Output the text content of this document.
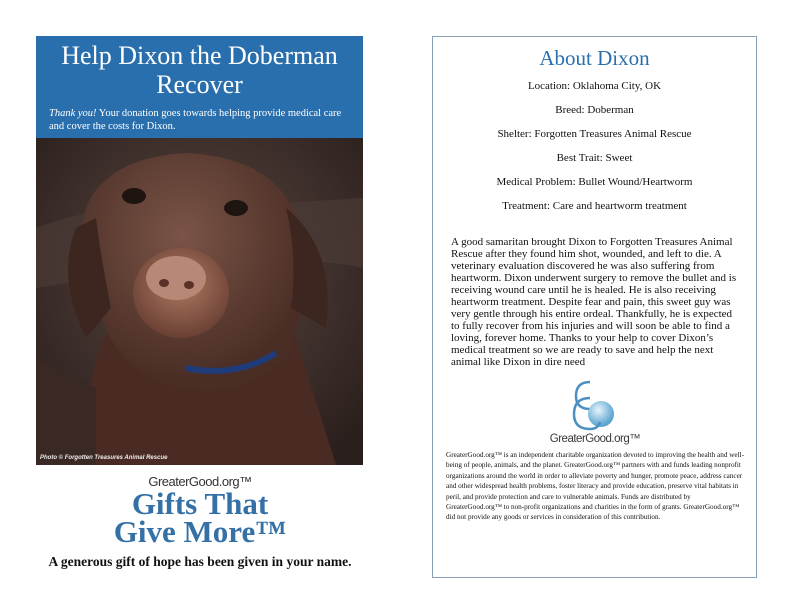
Help Dixon the Doberman Recover
Thank you! Your donation goes towards helping provide medical care and cover the costs for Dixon.
Photo © Forgotten Treasures Animal Rescue
GreaterGood.org™
Gifts That
Give More™
A generous gift of hope has been given in your name.
About Dixon
Location: Oklahoma City, OK
Breed: Doberman
Shelter: Forgotten Treasures Animal Rescue
Best Trait: Sweet
Medical Problem: Bullet Wound/Heartworm
Treatment: Care and heartworm treatment
A good samaritan brought Dixon to Forgotten Treasures Animal Rescue after they found him shot, wounded, and left to die. A veterinary evaluation discovered he was also suffering from heartworm. Dixon underwent surgery to remove the bullet and is receiving wound care until he is healed. He is also receiving heartworm treatment. Despite fear and pain, this sweet guy was very gentle through his entire ordeal. Thankfully, he is expected to fully recover from his injuries and will soon be able to find a loving, forever home. Thanks to your help to cover Dixon’s medical treatment so we are ready to save and help the next animal like Dixon in dire need
GreaterGood.org™
GreaterGood.org™ is an independent charitable organization devoted to improving the health and well-being of people, animals, and the planet. GreaterGood.org™ partners with and funds leading nonprofit organizations around the world in order to alleviate poverty and hunger, promote peace, address cancer and other widespread health problems, foster literacy and provide education, preserve vital habitats in peril, and provide protection and care to vulnerable animals. Funds are distributed by GreaterGood.org™ to non-profit organizations and charities in the form of grants. GreaterGood.org™ did not provide any goods or services in consideration of this contribution.
